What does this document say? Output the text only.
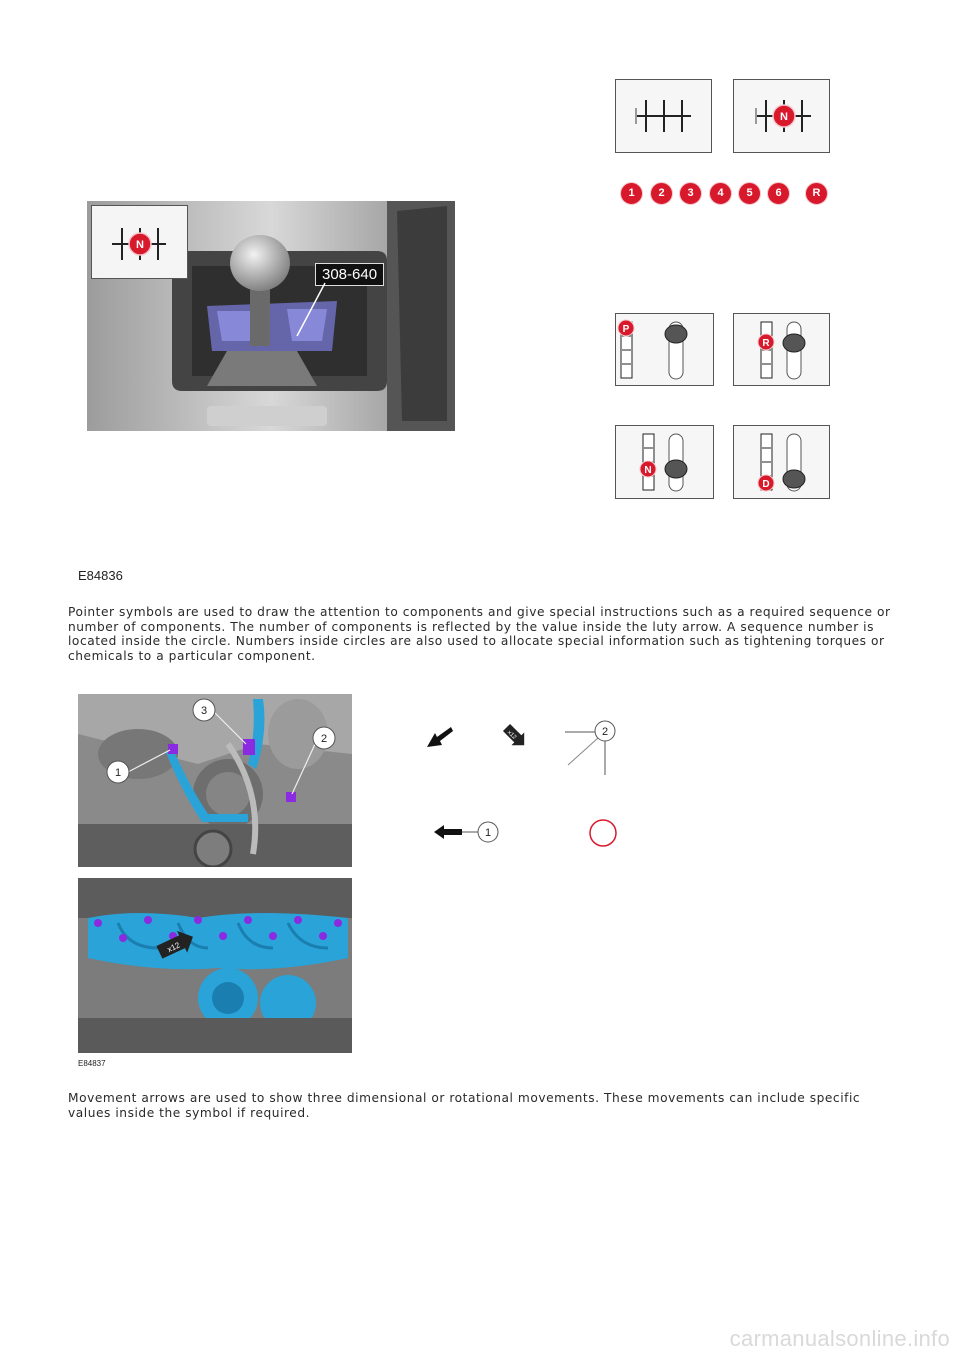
N
1	2	3	4	5	6	R
N
308-640
P
R
N
D
E84836
Pointer symbols are used to draw the attention to components and give special instructions such as a required sequence or number of components. The number of components is reflected by the value inside the luty arrow. A sequence number is located inside the circle. Numbers inside circles are also used to allocate special information such as tightening torques or chemicals to a particular component.
1
2
3
x12
E84837
x12	2
1
Movement arrows are used to show three dimensional or rotational movements. These movements can include specific values inside the symbol if required.
carmanualsonline.info
